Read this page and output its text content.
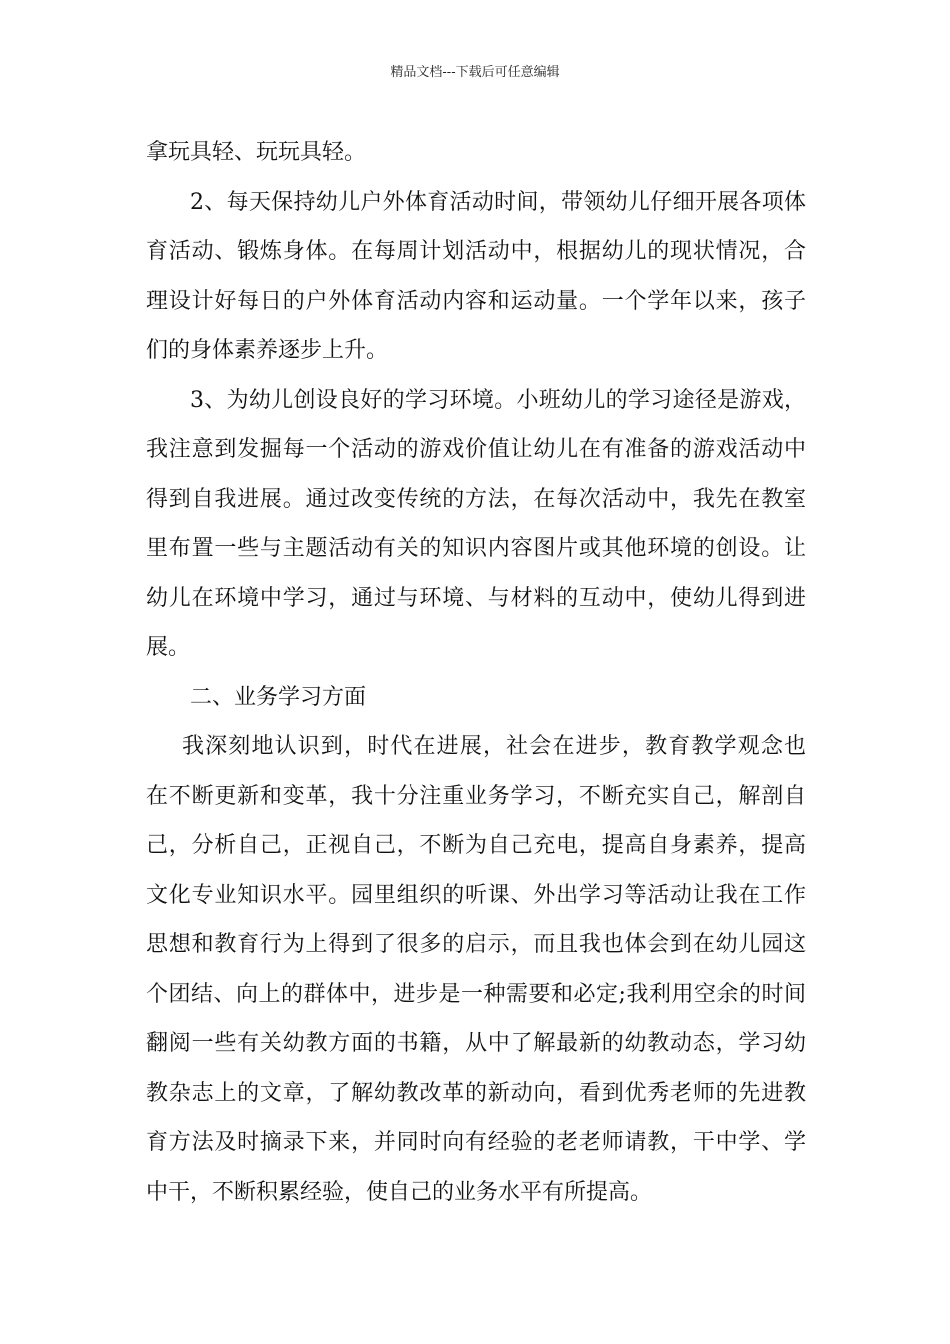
精品文档---下载后可任意编辑
拿玩具轻、玩玩具轻。
2、每天保持幼儿户外体育活动时间，带领幼儿仔细开展各项体
育活动、锻炼身体。在每周计划活动中，根据幼儿的现状情况，合
理设计好每日的户外体育活动内容和运动量。一个学年以来，孩子
们的身体素养逐步上升。
3、为幼儿创设良好的学习环境。小班幼儿的学习途径是游戏，
我注意到发掘每一个活动的游戏价值让幼儿在有准备的游戏活动中
得到自我进展。通过改变传统的方法，在每次活动中，我先在教室
里布置一些与主题活动有关的知识内容图片或其他环境的创设。让
幼儿在环境中学习，通过与环境、与材料的互动中，使幼儿得到进
展。
二、业务学习方面
我深刻地认识到，时代在进展，社会在进步，教育教学观念也
在不断更新和变革，我十分注重业务学习，不断充实自己，解剖自
己，分析自己，正视自己，不断为自己充电，提高自身素养，提高
文化专业知识水平。园里组织的听课、外出学习等活动让我在工作
思想和教育行为上得到了很多的启示，而且我也体会到在幼儿园这
个团结、向上的群体中，进步是一种需要和必定;我利用空余的时间
翻阅一些有关幼教方面的书籍，从中了解最新的幼教动态，学习幼
教杂志上的文章，了解幼教改革的新动向，看到优秀老师的先进教
育方法及时摘录下来，并同时向有经验的老老师请教，干中学、学
中干，不断积累经验，使自己的业务水平有所提高。
